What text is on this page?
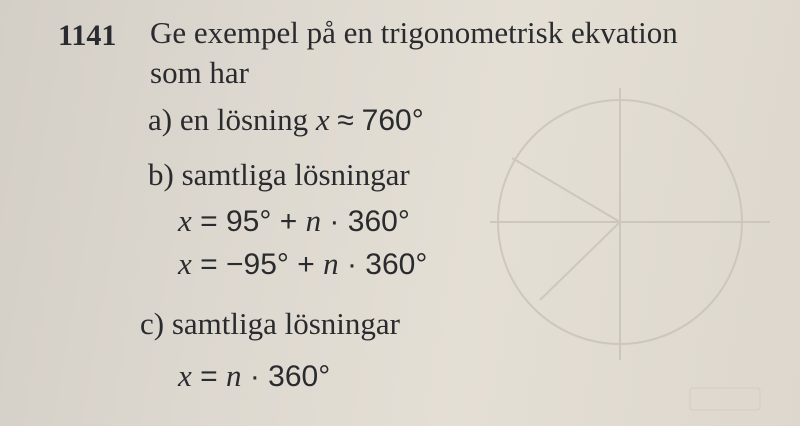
1141 Ge exempel på en trigonometrisk ekvation
som har
a) en lösning x ≈ 760°
b) samtliga lösningar
x = 95° + n · 360°
x = −95° + n · 360°
c) samtliga lösningar
x = n · 360°
